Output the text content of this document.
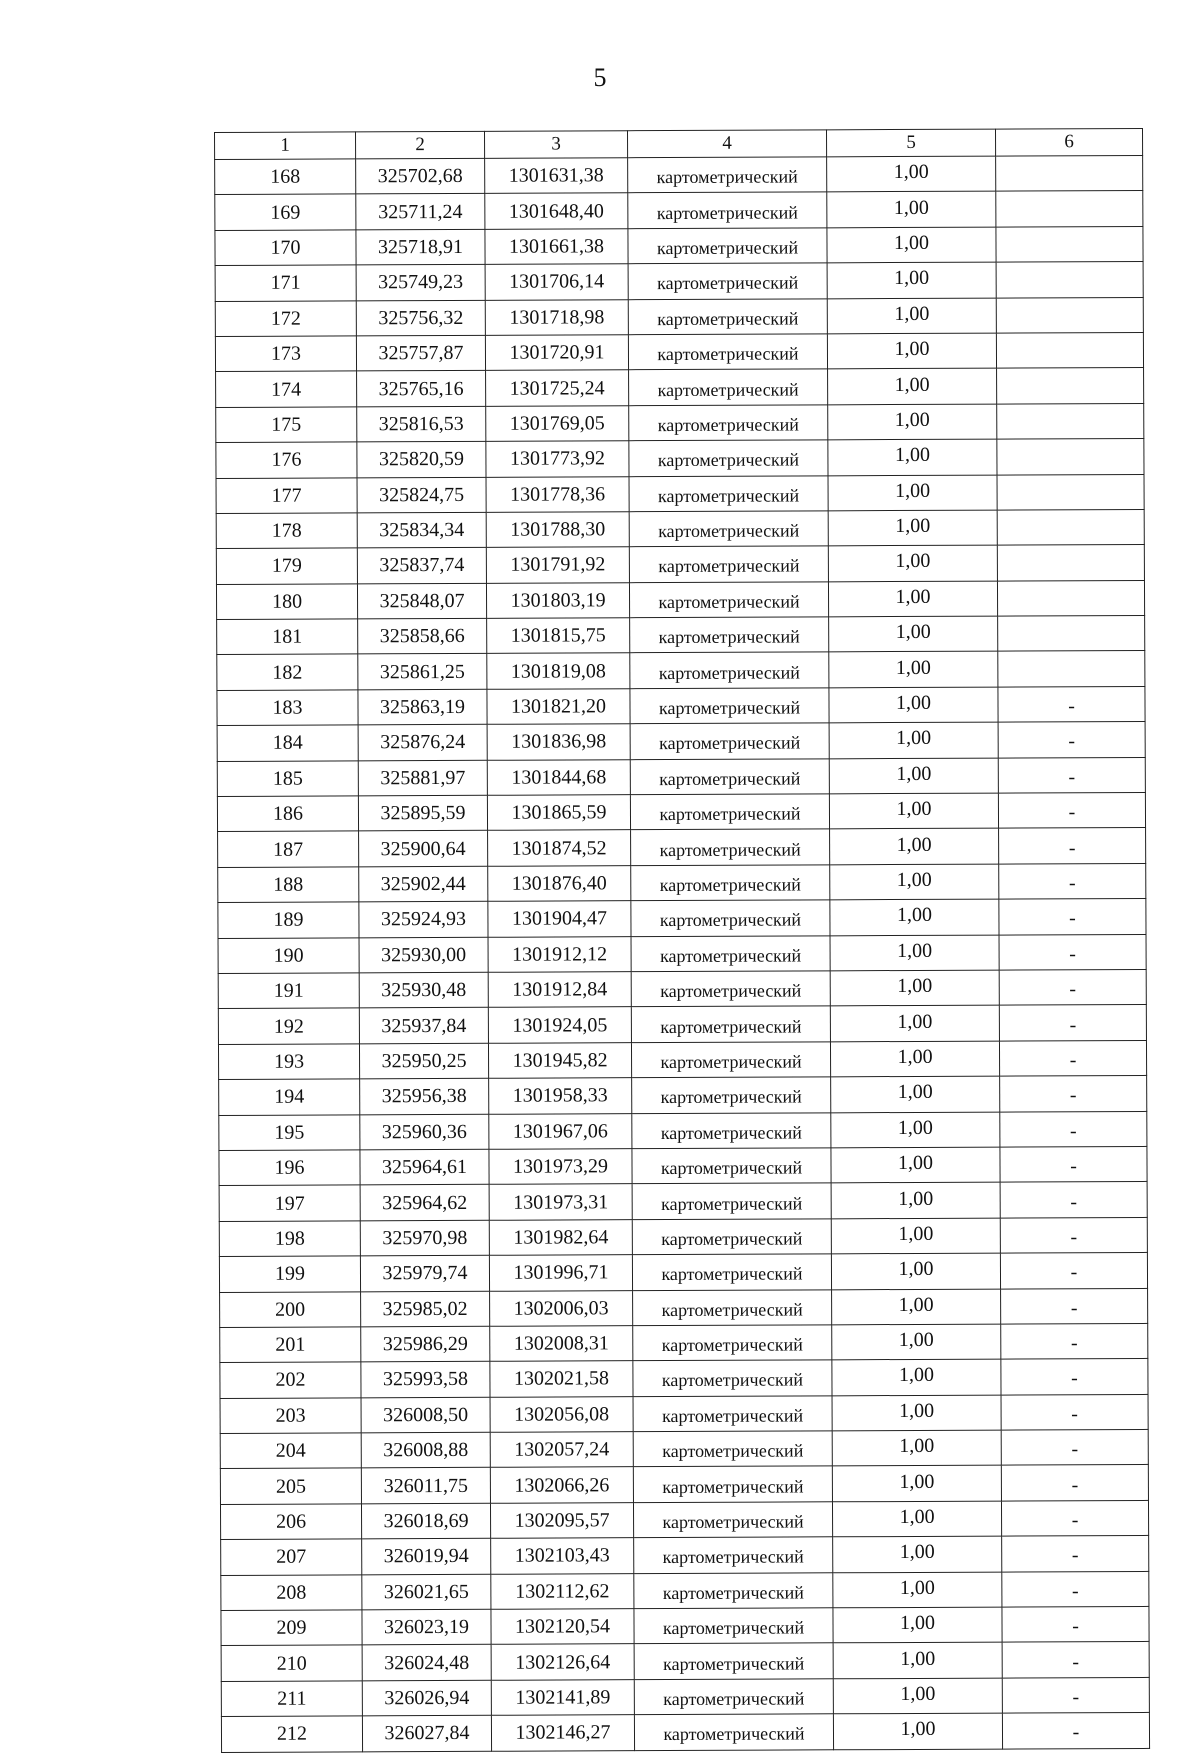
5
1	2	3	4	5	6
168	325702,68	1301631,38	картометрический	1,00	
169	325711,24	1301648,40	картометрический	1,00	
170	325718,91	1301661,38	картометрический	1,00	
171	325749,23	1301706,14	картометрический	1,00	
172	325756,32	1301718,98	картометрический	1,00	
173	325757,87	1301720,91	картометрический	1,00	
174	325765,16	1301725,24	картометрический	1,00	
175	325816,53	1301769,05	картометрический	1,00	
176	325820,59	1301773,92	картометрический	1,00	
177	325824,75	1301778,36	картометрический	1,00	
178	325834,34	1301788,30	картометрический	1,00	
179	325837,74	1301791,92	картометрический	1,00	
180	325848,07	1301803,19	картометрический	1,00	
181	325858,66	1301815,75	картометрический	1,00	
182	325861,25	1301819,08	картометрический	1,00	
183	325863,19	1301821,20	картометрический	1,00	-
184	325876,24	1301836,98	картометрический	1,00	-
185	325881,97	1301844,68	картометрический	1,00	-
186	325895,59	1301865,59	картометрический	1,00	-
187	325900,64	1301874,52	картометрический	1,00	-
188	325902,44	1301876,40	картометрический	1,00	-
189	325924,93	1301904,47	картометрический	1,00	-
190	325930,00	1301912,12	картометрический	1,00	-
191	325930,48	1301912,84	картометрический	1,00	-
192	325937,84	1301924,05	картометрический	1,00	-
193	325950,25	1301945,82	картометрический	1,00	-
194	325956,38	1301958,33	картометрический	1,00	-
195	325960,36	1301967,06	картометрический	1,00	-
196	325964,61	1301973,29	картометрический	1,00	-
197	325964,62	1301973,31	картометрический	1,00	-
198	325970,98	1301982,64	картометрический	1,00	-
199	325979,74	1301996,71	картометрический	1,00	-
200	325985,02	1302006,03	картометрический	1,00	-
201	325986,29	1302008,31	картометрический	1,00	-
202	325993,58	1302021,58	картометрический	1,00	-
203	326008,50	1302056,08	картометрический	1,00	-
204	326008,88	1302057,24	картометрический	1,00	-
205	326011,75	1302066,26	картометрический	1,00	-
206	326018,69	1302095,57	картометрический	1,00	-
207	326019,94	1302103,43	картометрический	1,00	-
208	326021,65	1302112,62	картометрический	1,00	-
209	326023,19	1302120,54	картометрический	1,00	-
210	326024,48	1302126,64	картометрический	1,00	-
211	326026,94	1302141,89	картометрический	1,00	-
212	326027,84	1302146,27	картометрический	1,00	-
